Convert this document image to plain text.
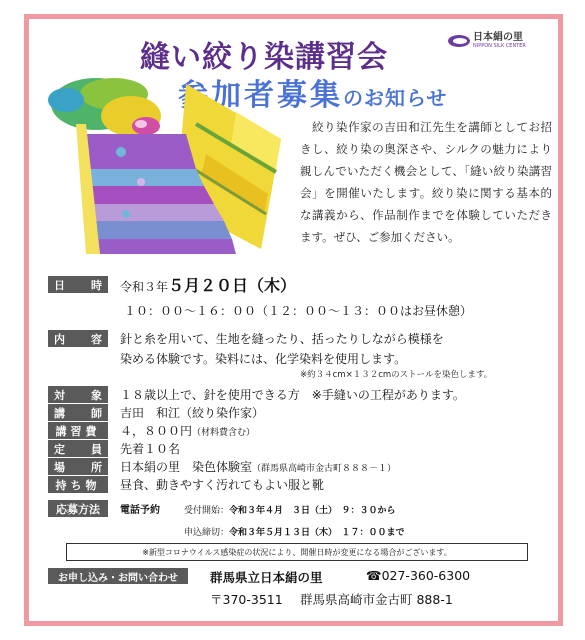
縫い絞り染講習会
参加者募集のお知らせ
日本絹の里
NIPPON SILK CENTER
絞り染作家の吉田和江先生を講師としてお招きし、絞り染の奥深さや、シルクの魅力により親しんでいただく機会として、「縫い絞り染講習会」を開催いたします。絞り染に関する基本的な講義から、作品制作までを体験していただきます。ぜひ、ご参加ください。
日 時 令和３年５月２０日（木）
１０：００～１６：００（１２：００～１３：００はお昼休憩）
内 容 針と糸を用いて、生地を縫ったり、括ったりしながら模様を
染める体験です。染料には、化学染料を使用します。
※約３４cm×１３２cmのストールを染色します。
対 象 １８歳以上で、針を使用できる方　※手縫いの工程があります。
講 師 吉田　和江（絞り染作家）
講習費	４，８００円（材料費含む）
定 員 先着１０名
場 所 日本絹の里　染色体験室（群馬県高崎市金古町８８８－１）
持ち物	昼食、動きやすく汚れてもよい服と靴
応募方法	電話予約	受付開始：令和３年４月　３日（土）　９：３０から
申込締切：令和３年５月１３日（木）　１７：００まで
※新型コロナウイルス感染症の状況により、開催日時が変更になる場合がございます。
お申し込み・お問い合わせ	群馬県立日本絹の里	☎027-360-6300
〒370-3511 群馬県高崎市金古町 888-1
